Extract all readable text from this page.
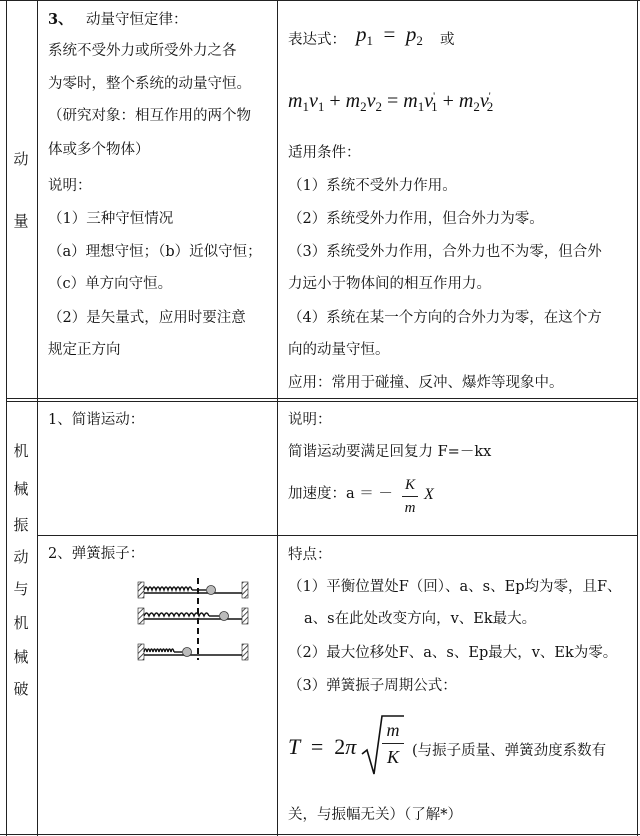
动
量
机
械
振
动
与
机
械
破
3、 动量守恒定律：
系统不受外力或所受外力之各
为零时，整个系统的动量守恒。
（研究对象：相互作用的两个物
体或多个物体）
说明：
（1）三种守恒情况
（a）理想守恒；（b）近似守恒；
（c）单方向守恒。
（2）是矢量式，应用时要注意
规定正方向
表达式： $p_1 = p_2$ 或
$m_1v_1 + m_2v_2 = m_1v'_1 + m_2v'_2$
适用条件：
（1）系统不受外力作用。
（2）系统受外力作用，但合外力为零。
（3）系统受外力作用，合外力也不为零，但合外
力远小于物体间的相互作用力。
（4）系统在某一个方向的合外力为零，在这个方
向的动量守恒。
应用：常用于碰撞、反冲、爆炸等现象中。
1、简谐运动：	说明：
简谐运动要满足回复力 F=－kx
加速度：a ＝ －
K
m
X
2、弹簧振子：	特点：
（1）平衡位置处F（回）、a、s、Ep均为零，且F、
a、s在此处改变方向，v、Ek最大。
（2）最大位移处F、a、s、Ep最大，v、Ek为零。
（3）弹簧振子周期公式：
T  =  2π
m
K (与振子质量、弹簧劲度系数有
关，与振幅无关）（了解*）
